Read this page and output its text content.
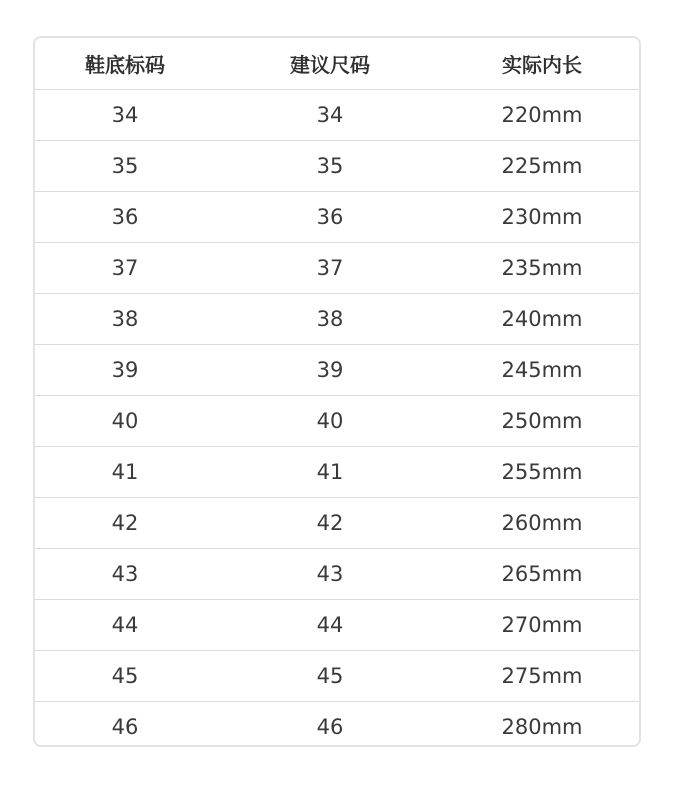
鞋底标码	建议尺码	实际内长
34	34	220mm
35	35	225mm
36	36	230mm
37	37	235mm
38	38	240mm
39	39	245mm
40	40	250mm
41	41	255mm
42	42	260mm
43	43	265mm
44	44	270mm
45	45	275mm
46	46	280mm
